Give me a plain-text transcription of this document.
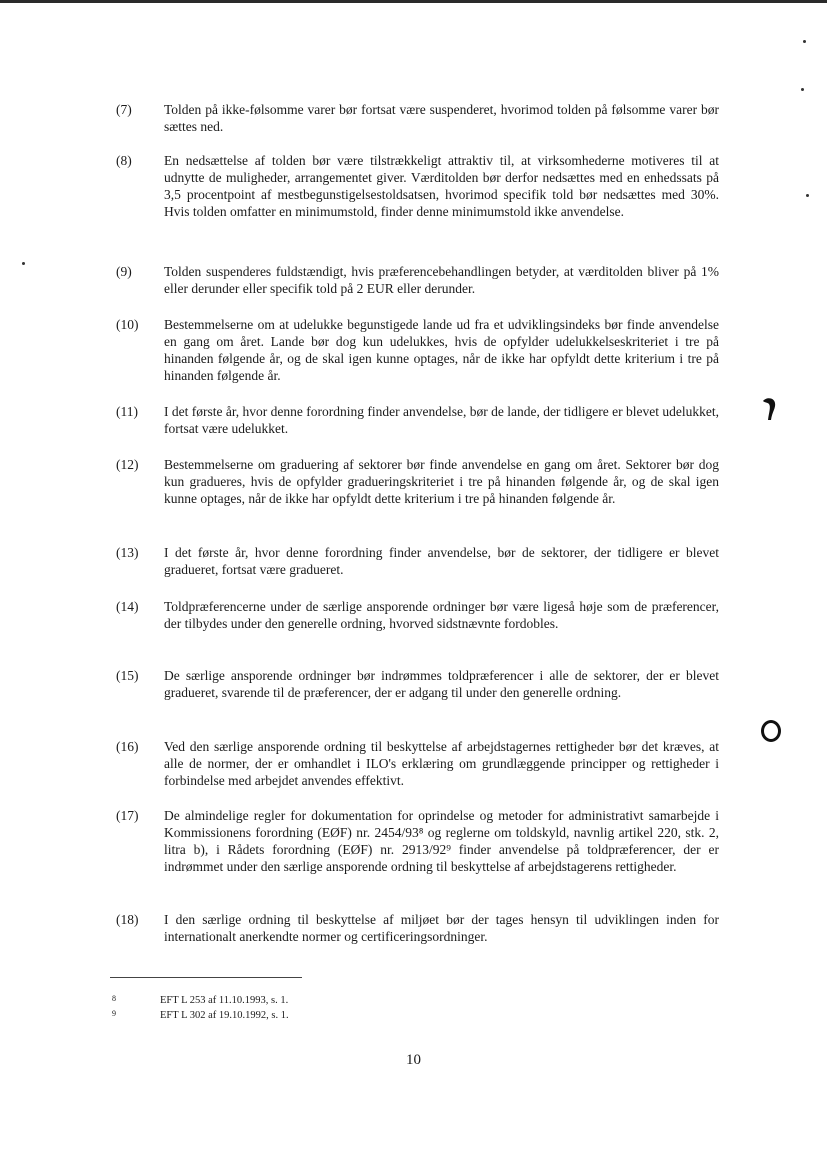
(7) Tolden på ikke-følsomme varer bør fortsat være suspenderet, hvorimod tolden på følsomme varer bør sættes ned.
(8) En nedsættelse af tolden bør være tilstrækkeligt attraktiv til, at virksomhederne motiveres til at udnytte de muligheder, arrangementet giver. Værditolden bør derfor nedsættes med en enhedssats på 3,5 procentpoint af mestbegunstigelsestoldsatsen, hvorimod specifik told bør nedsættes med 30%. Hvis tolden omfatter en minimumstold, finder denne minimumstold ikke anvendelse.
(9) Tolden suspenderes fuldstændigt, hvis præferencebehandlingen betyder, at værditolden bliver på 1% eller derunder eller specifik told på 2 EUR eller derunder.
(10) Bestemmelserne om at udelukke begunstigede lande ud fra et udviklingsindeks bør finde anvendelse en gang om året. Lande bør dog kun udelukkes, hvis de opfylder udelukkelseskriteriet i tre på hinanden følgende år, og de skal igen kunne optages, når de ikke har opfyldt dette kriterium i tre på hinanden følgende år.
(11) I det første år, hvor denne forordning finder anvendelse, bør de lande, der tidligere er blevet udelukket, fortsat være udelukket.
(12) Bestemmelserne om graduering af sektorer bør finde anvendelse en gang om året. Sektorer bør dog kun gradueres, hvis de opfylder gradueringskriteriet i tre på hinanden følgende år, og de skal igen kunne optages, når de ikke har opfyldt dette kriterium i tre på hinanden følgende år.
(13) I det første år, hvor denne forordning finder anvendelse, bør de sektorer, der tidligere er blevet gradueret, fortsat være gradueret.
(14) Toldpræferencerne under de særlige ansporende ordninger bør være ligeså høje som de præferencer, der tilbydes under den generelle ordning, hvorved sidstnævnte fordobles.
(15) De særlige ansporende ordninger bør indrømmes toldpræferencer i alle de sektorer, der er blevet gradueret, svarende til de præferencer, der er adgang til under den generelle ordning.
(16) Ved den særlige ansporende ordning til beskyttelse af arbejdstagernes rettigheder bør det kræves, at alle de normer, der er omhandlet i ILO's erklæring om grundlæggende principper og rettigheder i forbindelse med arbejdet anvendes effektivt.
(17) De almindelige regler for dokumentation for oprindelse og metoder for administrativt samarbejde i Kommissionens forordning (EØF) nr. 2454/93⁸ og reglerne om toldskyld, navnlig artikel 220, stk. 2, litra b), i Rådets forordning (EØF) nr. 2913/92⁹ finder anvendelse på toldpræferencer, der er indrømmet under den særlige ansporende ordning til beskyttelse af arbejdstagerens rettigheder.
(18) I den særlige ordning til beskyttelse af miljøet bør der tages hensyn til udviklingen inden for internationalt anerkendte normer og certificeringsordninger.
8	EFT L 253 af 11.10.1993, s. 1.
9	EFT L 302 af 19.10.1992, s. 1.
10
